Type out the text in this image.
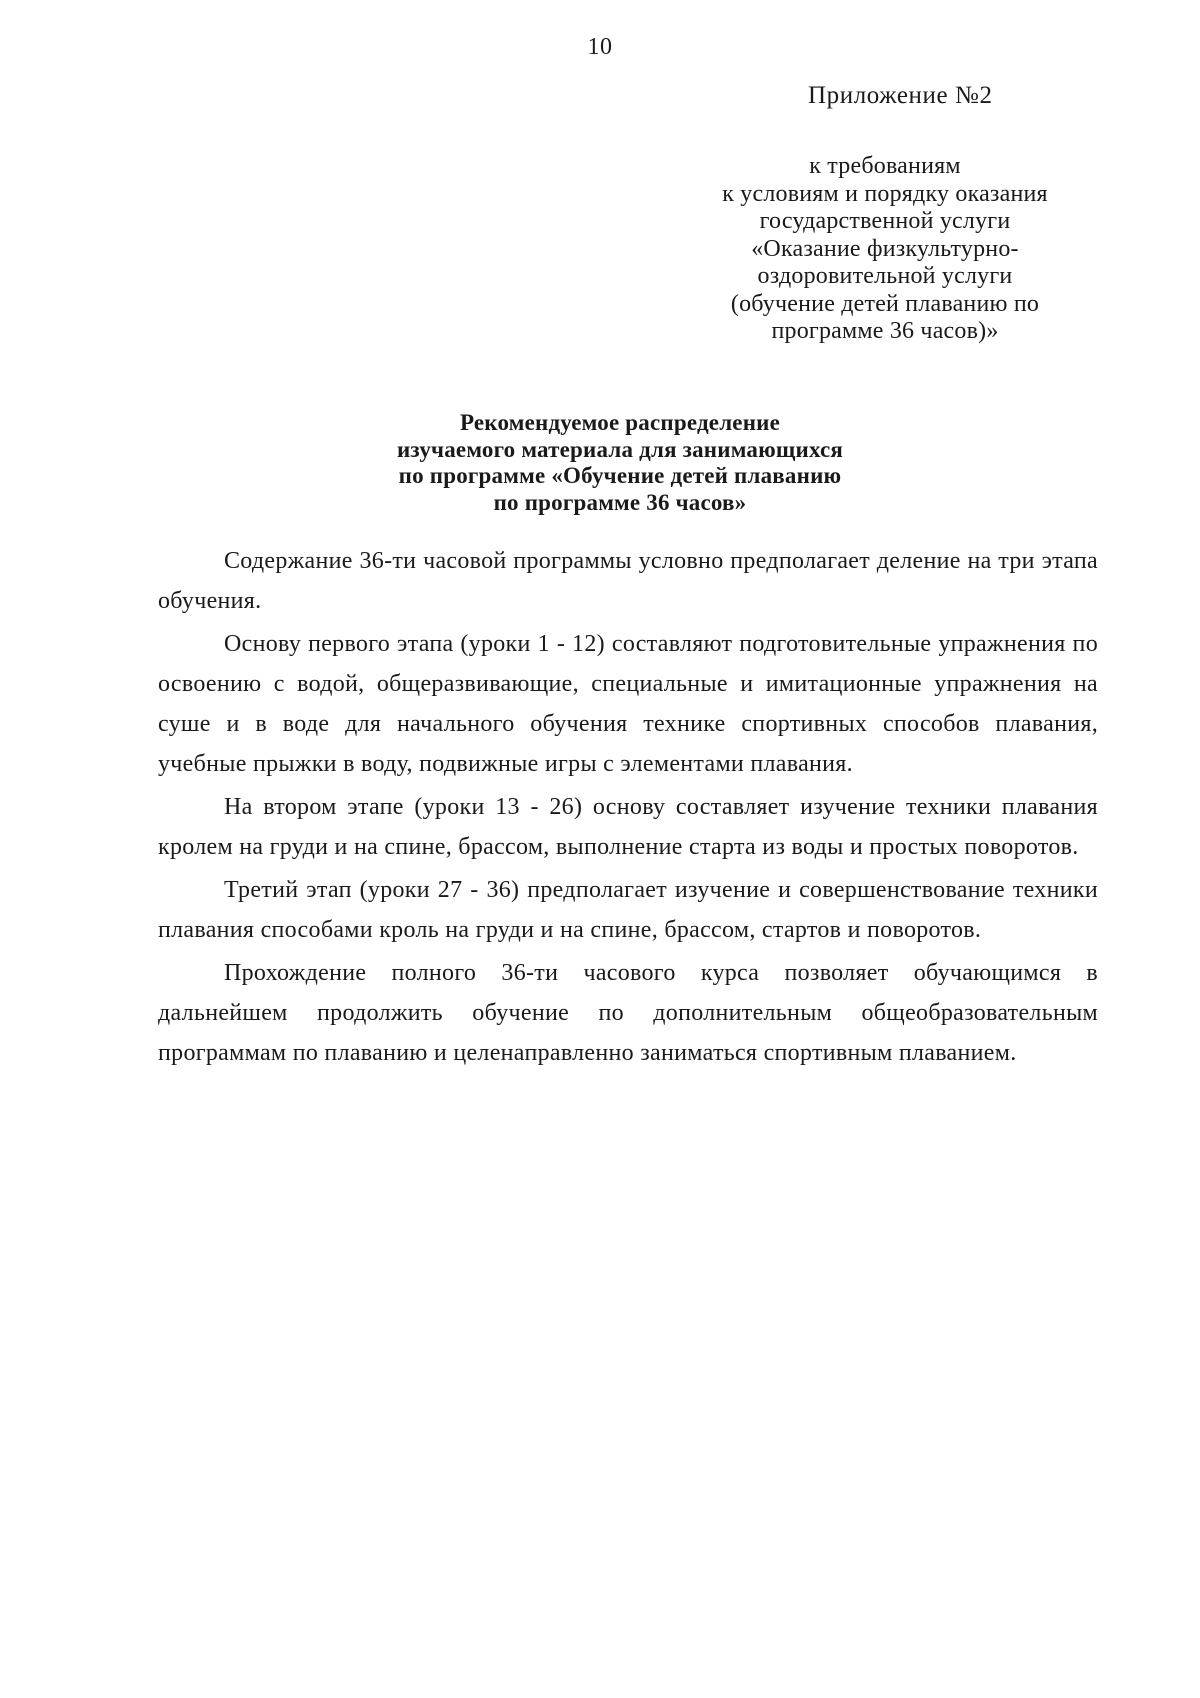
10
Приложение №2
к требованиям
к условиям и порядку оказания
государственной услуги
«Оказание физкультурно-
оздоровительной услуги
(обучение детей плаванию по
программе 36 часов)»
Рекомендуемое распределение
изучаемого материала для занимающихся
по программе «Обучение детей плаванию
по программе 36 часов»

Содержание 36-ти часовой программы условно предполагает деление на три этапа обучения.

Основу первого этапа (уроки 1 - 12) составляют подготовительные упражнения по освоению с водой, общеразвивающие, специальные и имитационные упражнения на суше и в воде для начального обучения технике спортивных способов плавания, учебные прыжки в воду, подвижные игры с элементами плавания.

На втором этапе (уроки 13 - 26) основу составляет изучение техники плавания кролем на груди и на спине, брассом, выполнение старта из воды и простых поворотов.

Третий этап (уроки 27 - 36) предполагает изучение и совершенствование техники плавания способами кроль на груди и на спине, брассом, стартов и поворотов.

Прохождение полного 36-ти часового курса позволяет обучающимся в дальнейшем продолжить обучение по дополнительным общеобразовательным программам по плаванию и целенаправленно заниматься спортивным плаванием.
